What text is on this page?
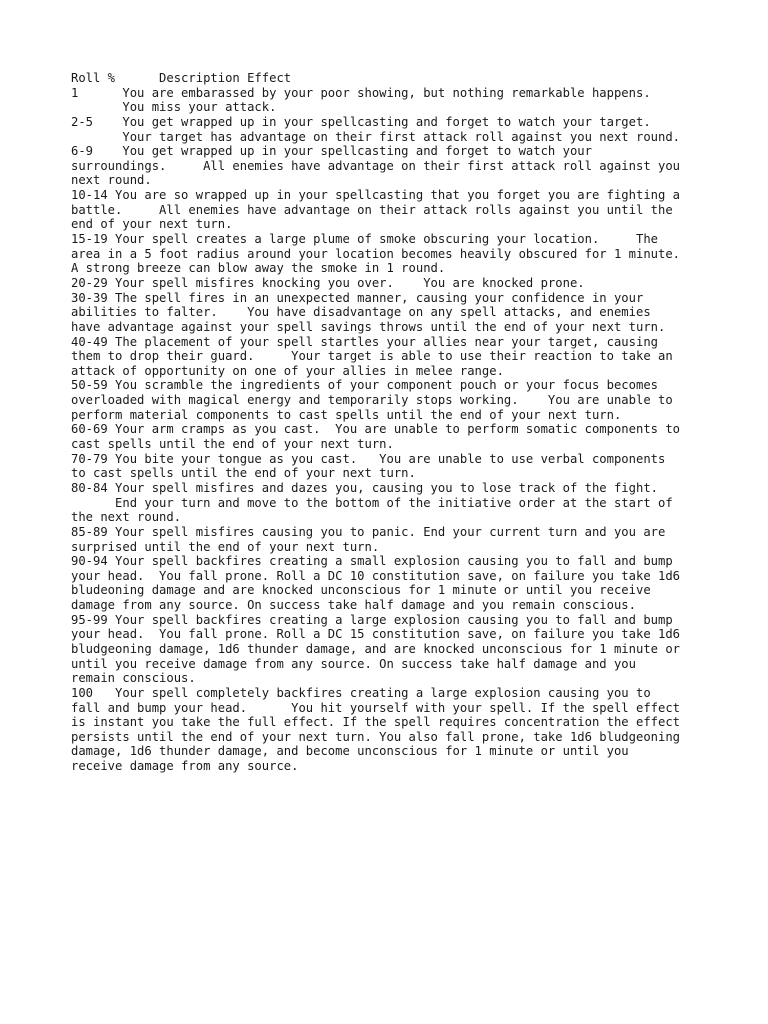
Roll %      Description Effect
1      You are embarassed by your poor showing, but nothing remarkable happens.
You miss your attack.
2-5    You get wrapped up in your spellcasting and forget to watch your target.
Your target has advantage on their first attack roll against you next round.
6-9    You get wrapped up in your spellcasting and forget to watch your
surroundings.     All enemies have advantage on their first attack roll against you
next round.
10-14 You are so wrapped up in your spellcasting that you forget you are fighting a
battle.     All enemies have advantage on their attack rolls against you until the
end of your next turn.
15-19 Your spell creates a large plume of smoke obscuring your location.     The
area in a 5 foot radius around your location becomes heavily obscured for 1 minute.
A strong breeze can blow away the smoke in 1 round.
20-29 Your spell misfires knocking you over.    You are knocked prone.
30-39 The spell fires in an unexpected manner, causing your confidence in your
abilities to falter.    You have disadvantage on any spell attacks, and enemies
have advantage against your spell savings throws until the end of your next turn.
40-49 The placement of your spell startles your allies near your target, causing
them to drop their guard.     Your target is able to use their reaction to take an
attack of opportunity on one of your allies in melee range.
50-59 You scramble the ingredients of your component pouch or your focus becomes
overloaded with magical energy and temporarily stops working.    You are unable to
perform material components to cast spells until the end of your next turn.
60-69 Your arm cramps as you cast.  You are unable to perform somatic components to
cast spells until the end of your next turn.
70-79 You bite your tongue as you cast.   You are unable to use verbal components
to cast spells until the end of your next turn.
80-84 Your spell misfires and dazes you, causing you to lose track of the fight.
End your turn and move to the bottom of the initiative order at the start of
the next round.
85-89 Your spell misfires causing you to panic. End your current turn and you are
surprised until the end of your next turn.
90-94 Your spell backfires creating a small explosion causing you to fall and bump
your head.  You fall prone. Roll a DC 10 constitution save, on failure you take 1d6
bludeoning damage and are knocked unconscious for 1 minute or until you receive
damage from any source. On success take half damage and you remain conscious.
95-99 Your spell backfires creating a large explosion causing you to fall and bump
your head.  You fall prone. Roll a DC 15 constitution save, on failure you take 1d6
bludgeoning damage, 1d6 thunder damage, and are knocked unconscious for 1 minute or
until you receive damage from any source. On success take half damage and you
remain conscious.
100   Your spell completely backfires creating a large explosion causing you to
fall and bump your head.      You hit yourself with your spell. If the spell effect
is instant you take the full effect. If the spell requires concentration the effect
persists until the end of your next turn. You also fall prone, take 1d6 bludgeoning
damage, 1d6 thunder damage, and become unconscious for 1 minute or until you
receive damage from any source.
